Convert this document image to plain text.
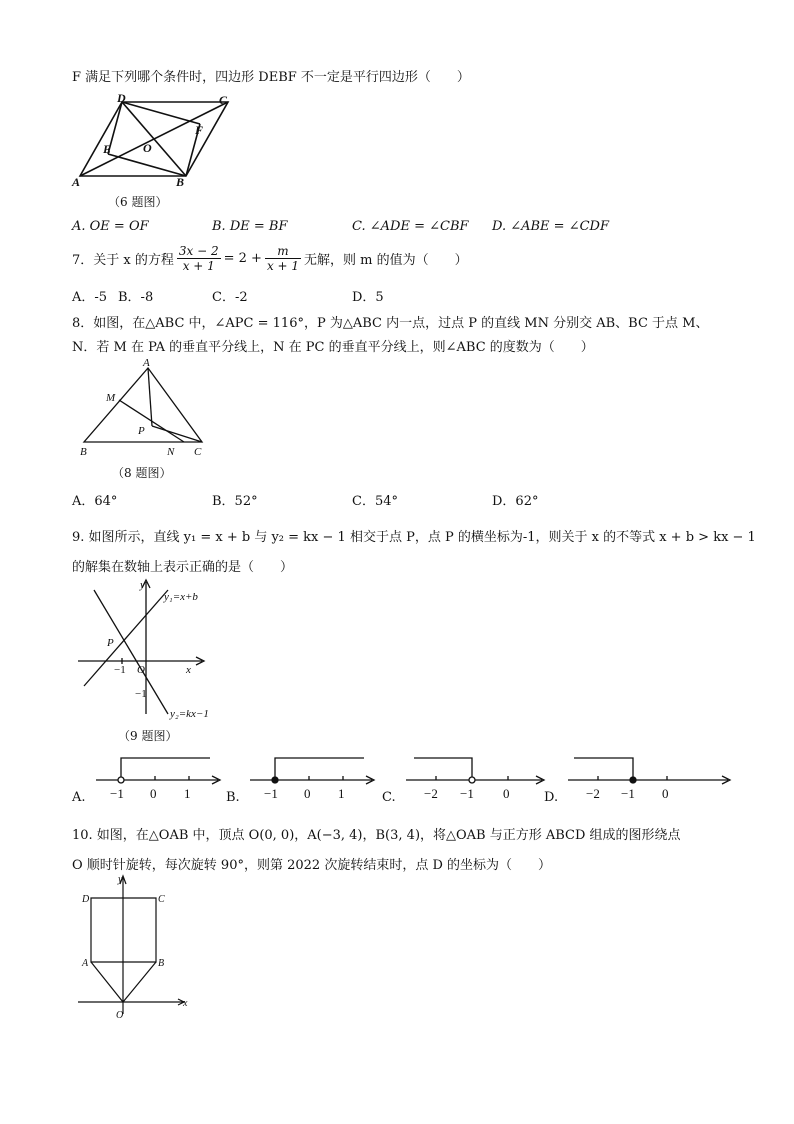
F 满足下列哪个条件时，四边形 DEBF 不一定是平行四边形（　　）
D	C
F
E	O
A	B
（6 题图）
A. OE = OF	B. DE = BF	C. ∠ADE = ∠CBF D. ∠ABE = ∠CDF
7．关于 x 的方程 $\frac{3x - 2}{x + 1} = 2 + \frac{m}{x + 1}$ 无解，则 m 的值为（　　）
A．-5 B．-8	C．-2	D．5
8．如图，在△ABC 中，∠APC = 116°，P 为△ABC 内一点，过点 P 的直线 MN 分别交 AB、BC 于点 M、
N．若 M 在 PA 的垂直平分线上，N 在 PC 的垂直平分线上，则∠ABC 的度数为（　　）
A
M
P
B	N C
（8 题图）
A．64°	B．52°	C．54°	D．62°
9. 如图所示，直线 y₁ = x + b 与 y₂ = kx − 1 相交于点 P，点 P 的横坐标为-1，则关于 x 的不等式 x + b > kx − 1
的解集在数轴上表示正确的是（　　）
y
y₁=x+b
P
−1 O	x
−1
y₂=kx−1
（9 题图）
A. −1 0 1	B. −1 0 1	C. −2 −1 0	D. −2 −1 0
10. 如图，在△OAB 中，顶点 O(0, 0)，A(−3, 4)，B(3, 4)，将△OAB 与正方形 ABCD 组成的图形绕点
O 顺时针旋转，每次旋转 90°，则第 2022 次旋转结束时，点 D 的坐标为（　　）
y
D	C
A	B
x
O
